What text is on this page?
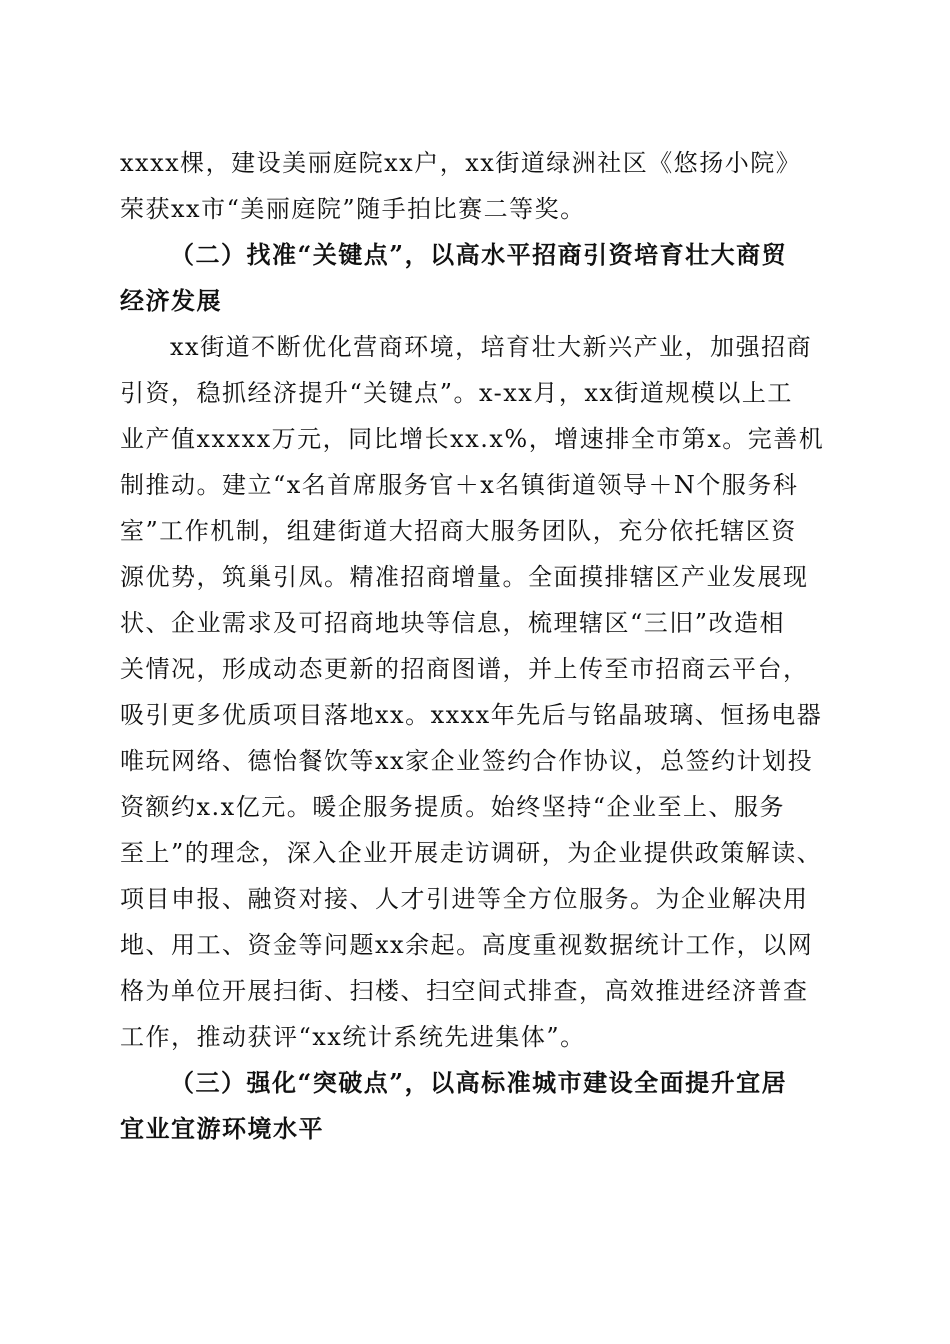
xxxx棵，建设美丽庭院xx户，xx街道绿洲社区《悠扬小院》
荣获xx市“美丽庭院”随手拍比赛二等奖。
（二）找准“关键点”，以高水平招商引资培育壮大商贸
经济发展
xx街道不断优化营商环境，培育壮大新兴产业，加强招商
引资，稳抓经济提升“关键点”。x-xx月，xx街道规模以上工
业产值xxxxx万元，同比增长xx.x%，增速排全市第x。完善机
制推动。建立“x名首席服务官＋x名镇街道领导＋N个服务科
室”工作机制，组建街道大招商大服务团队，充分依托辖区资
源优势，筑巢引凤。精准招商增量。全面摸排辖区产业发展现
状、企业需求及可招商地块等信息，梳理辖区“三旧”改造相
关情况，形成动态更新的招商图谱，并上传至市招商云平台，
吸引更多优质项目落地xx。xxxx年先后与铭晶玻璃、恒扬电器
唯玩网络、德怡餐饮等xx家企业签约合作协议，总签约计划投
资额约x.x亿元。暖企服务提质。始终坚持“企业至上、服务
至上”的理念，深入企业开展走访调研，为企业提供政策解读、
项目申报、融资对接、人才引进等全方位服务。为企业解决用
地、用工、资金等问题xx余起。高度重视数据统计工作，以网
格为单位开展扫街、扫楼、扫空间式排查，高效推进经济普查
工作，推动获评“xx统计系统先进集体”。
（三）强化“突破点”，以高标准城市建设全面提升宜居
宜业宜游环境水平
